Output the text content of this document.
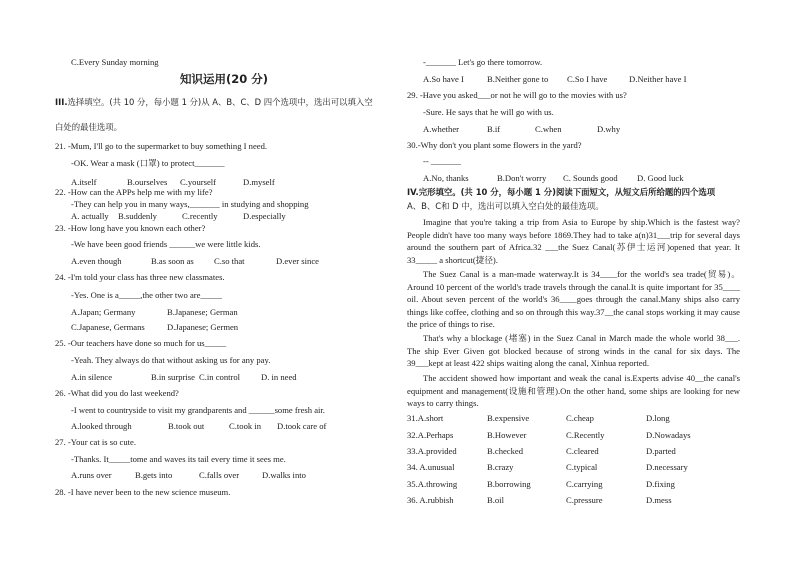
C.Every Sunday morning
知识运用(20 分)
III.选择填空。(共 10 分，每小题 1 分)从 A、B、C、D 四个选项中，选出可以填入空
白处的最佳选项。
21. -Mum, I'll go to the supermarket to buy something I need.
-OK. Wear a mask (口罩) to protect_______
A.itself	B.ourselves C.yourself	D.myself
22. -How can the APPs help me with my life?
-They can help you in many ways,_______ in studying and shopping
A. actually B.suddenly	C.recently	D.especially
23. -How long have you known each other?
-We have been good friends ______we were little kids.
A.even though	B.as soon as C.so that	D.ever since
24. -I'm told your class has three new classmates.
-Yes. One is a_____,the other two are_____
A.Japan; Germany	B.Japanese; German
C.Japanese, Germans	D.Japanese; Germen
25. -Our teachers have done so much for us_____
-Yeah. They always do that without asking us for any pay.
A.in silence	B.in surprise C.in control D. in need
26. -What did you do last weekend?
-I went to countryside to visit my grandparents and ______some fresh air.
A.looked through	B.took out	C.took in D.took care of
27. -Your cat is so cute.
-Thanks. It_____tome and waves its tail every time it sees me.
A.runs over	B.gets into	C.falls over	D.walks into
28. -I have never been to the new science museum.
-_______ Let's go there tomorrow.
A.So have I	B.Neither gone to C.So I have	D.Neither have I
29. -Have you asked___or not he will go to the movies with us?
-Sure. He says that he will go with us.
A.whether	B.if	C.when	D.why
30.-Why don't you plant some flowers in the yard?
-- _______
A.No, thanks	B.Don't worry C. Sounds good D. Good luck
IV.完形填空。(共 10 分，每小题 1 分)阅读下面短文，从短文后所给题的四个选项
A、B、C和 D 中，选出可以填入空白处的最佳选项。
Imagine that you're taking a trip from Asia to Europe by ship.Which is the fastest way? People didn't have too many ways before 1869.They had to take a(n)31___trip for several days around the southern part of Africa.32 ___the Suez Canal(苏伊士运河)opened that year. It 33_____ a shortcut(捷径).
The Suez Canal is a man-made waterway.It is 34____for the world's sea trade(贸易)。Around 10 percent of the world's trade travels through the canal.It is quite important for 35____ oil. About seven percent of the world's 36____goes through the canal.Many ships also carry things like coffee, clothing and so on through this way.37__the canal stops working it may cause the price of things to rise.
That's why a blockage (堵塞) in the Suez Canal in March made the whole world 38___. The ship Ever Given got blocked because of strong winds in the canal for six days. The 39___kept at least 422 ships waiting along the canal, Xinhua reported.
The accident showed how important and weak the canal is.Experts advise 40__the canal's equipment and management(设施和管理).On the other hand, some ships are looking for new ways to carry things.
31.A.short	B.expensive	C.cheap	D.long
32.A.Perhaps	B.However	C.Recently	D.Nowadays
33.A.provided	B.checked	C.cleared	D.parted
34. A.unusual	B.crazy	C.typical	D.necessary
35.A.throwing	B.borrowing	C.carrying	D.fixing
36. A.rubbish	B.oil	C.pressure	D.mess
